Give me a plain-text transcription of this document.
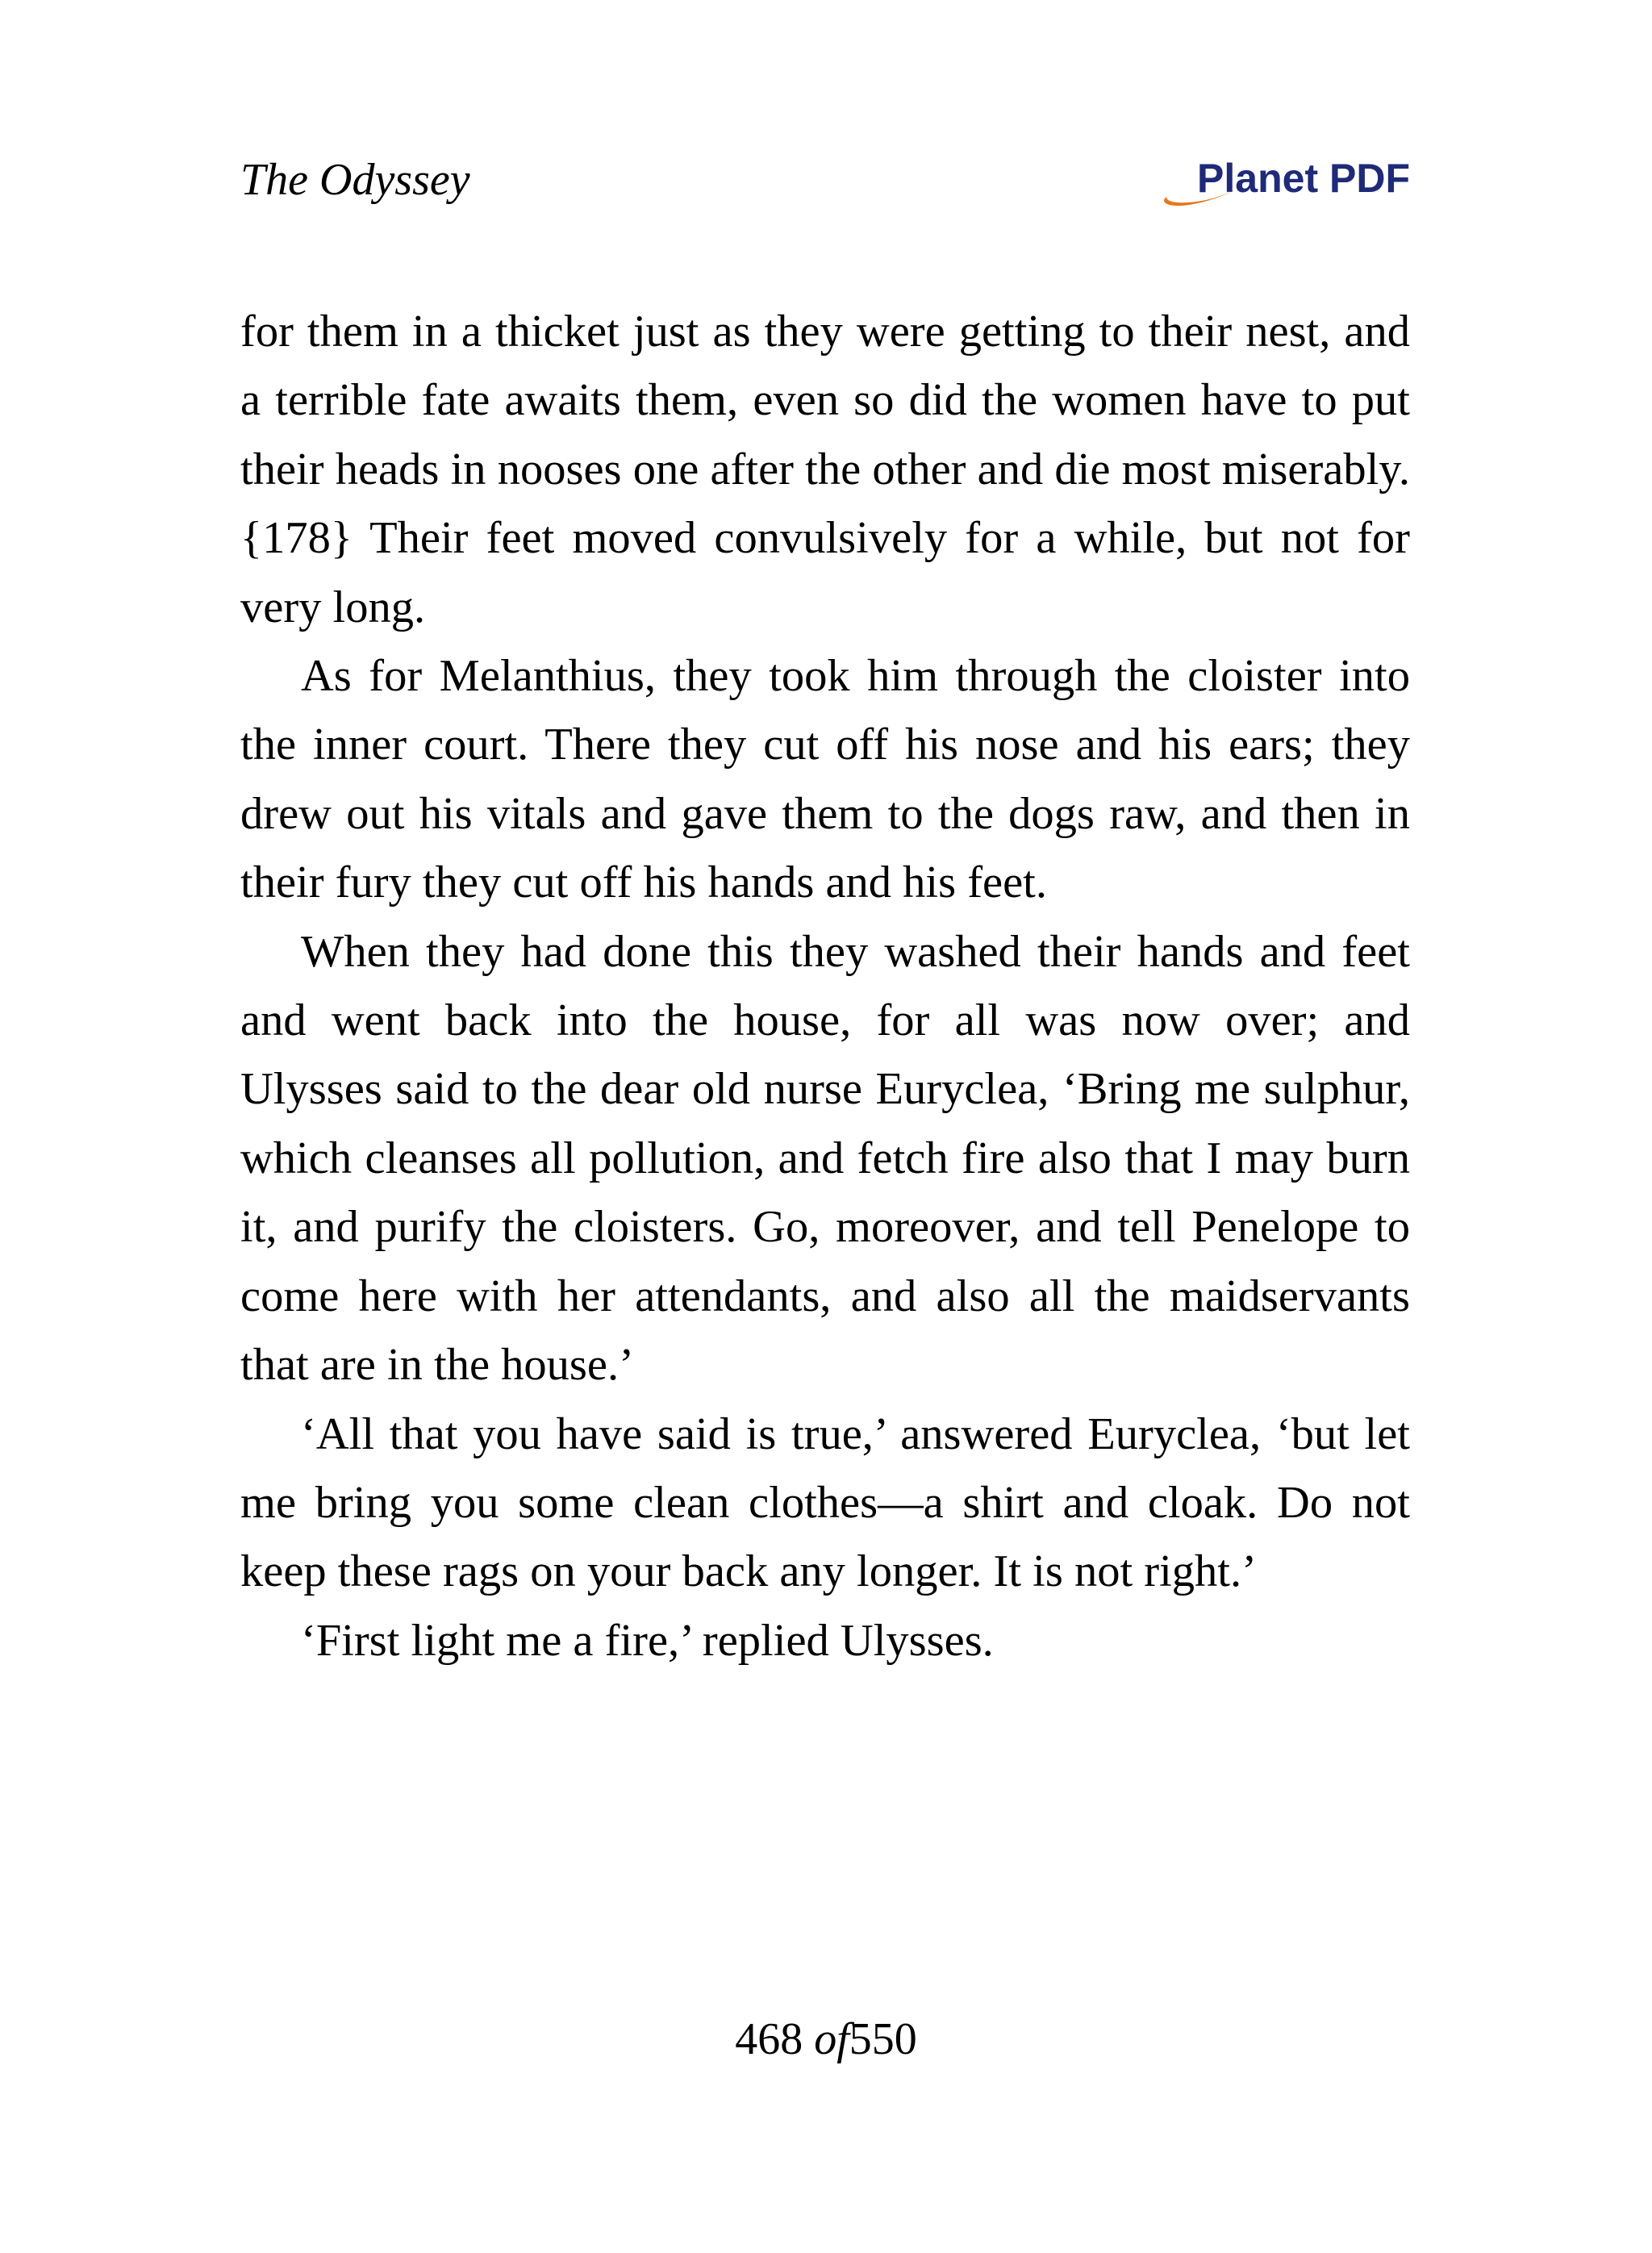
The Odyssey	Planet PDF

for them in a thicket just as they were getting to their nest, and a terrible fate awaits them, even so did the women have to put their heads in nooses one after the other and die most miserably. {178} Their feet moved convulsively for a while, but not for very long.

As for Melanthius, they took him through the cloister into the inner court. There they cut off his nose and his ears; they drew out his vitals and gave them to the dogs raw, and then in their fury they cut off his hands and his feet.

When they had done this they washed their hands and feet and went back into the house, for all was now over; and Ulysses said to the dear old nurse Euryclea, ‘Bring me sulphur, which cleanses all pollution, and fetch fire also that I may burn it, and purify the cloisters. Go, moreover, and tell Penelope to come here with her attendants, and also all the maidservants that are in the house.’

‘All that you have said is true,’ answered Euryclea, ‘but let me bring you some clean clothes—a shirt and cloak. Do not keep these rags on your back any longer. It is not right.’

‘First light me a fire,’ replied Ulysses.

468 of550
